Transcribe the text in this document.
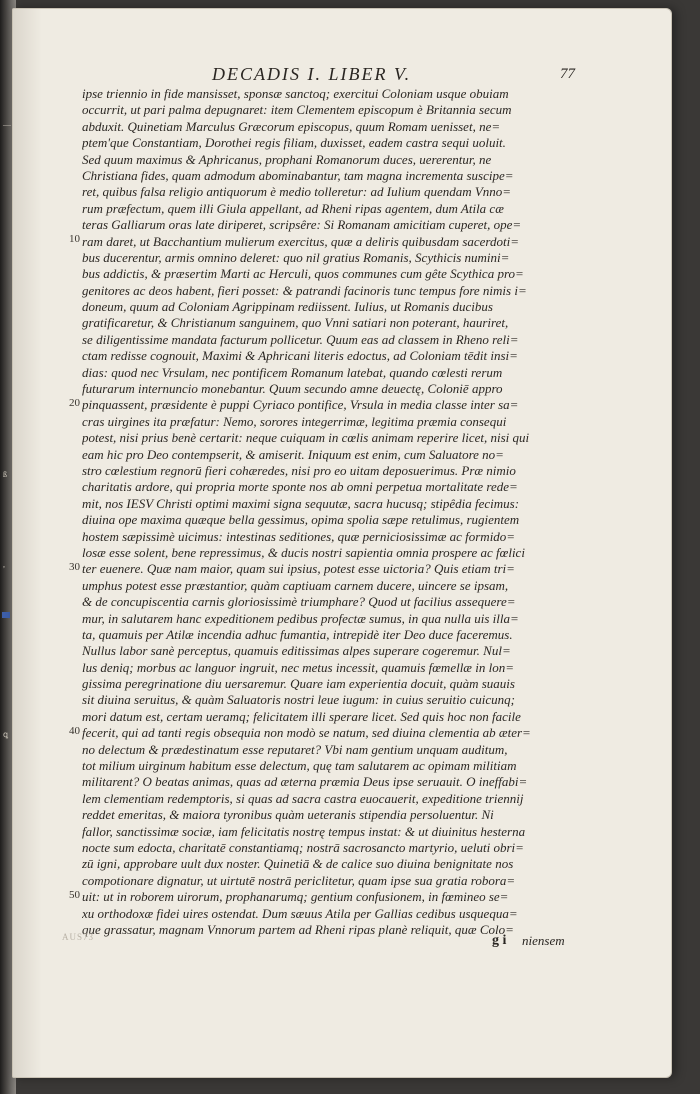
—
ß
,
ꝗ
DECADIS I. LIBER V.	77
10
20
30
40
50
ipse triennio in fide mansisset, sponsæ sanctoq; exercitui Coloniam usque obuiam
occurrit, ut pari palma depugnaret: item Clementem episcopum è Britannia secum
abduxit. Quinetiam Marculus Græcorum episcopus, quum Romam uenisset, ne=
ptem'que Constantiam, Dorothei regis filiam, duxisset, eadem castra sequi uoluit.
Sed quum maximus & Aphricanus, prophani Romanorum duces, uererentur, ne
Christiana fides, quam admodum abominabantur, tam magna incrementa suscipe=
ret, quibus falsa religio antiquorum è medio tolleretur: ad Iulium quendam Vnno=
rum præfectum, quem illi Giula appellant, ad Rheni ripas agentem, dum Atila cæ
teras Galliarum oras late diriperet, scripsêre: Si Romanam amicitiam cuperet, ope=
ram daret, ut Bacchantium mulierum exercitus, quæ a deliris quibusdam sacerdoti=
bus ducerentur, armis omnino deleret: quo nil gratius Romanis, Scythicis numini=
bus addictis, & præsertim Marti ac Herculi, quos communes cum gête Scythica pro=
genitores ac deos habent, fieri posset: & patrandi facinoris tunc tempus fore nimis i=
doneum, quum ad Coloniam Agrippinam rediissent. Iulius, ut Romanis ducibus
gratificaretur, & Christianum sanguinem, quo Vnni satiari non poterant, hauriret,
se diligentissime mandata facturum pollicetur. Quum eas ad classem in Rheno reli=
ctam redisse cognouit, Maximi & Aphricani literis edoctus, ad Coloniam tēdit insi=
dias: quod nec Vrsulam, nec pontificem Romanum latebat, quando cœlesti rerum
futurarum internuncio monebantur. Quum secundo amne deuectę, Coloniē appro
pinquassent, præsidente è puppi Cyriaco pontifice, Vrsula in media classe inter sa=
cras uirgines ita præfatur: Nemo, sorores integerrimæ, legitima præmia consequi
potest, nisi prius benè certarit: neque cuiquam in cœlis animam reperire licet, nisi qui
eam hic pro Deo contempserit, & amiserit. Iniquum est enim, cum Saluatore no=
stro cœlestium regnorū fieri cohæredes, nisi pro eo uitam deposuerimus. Præ nimio
charitatis ardore, qui propria morte sponte nos ab omni perpetua mortalitate rede=
mit, nos IESV Christi optimi maximi signa sequutæ, sacra hucusq; stipêdia fecimus:
diuina ope maxima quæque bella gessimus, opima spolia sæpe retulimus, rugientem
hostem sæpissimè uicimus: intestinas seditiones, quæ perniciosissimæ ac formido=
losæ esse solent, bene repressimus, & ducis nostri sapientia omnia prospere ac fœlici
ter euenere. Quæ nam maior, quam sui ipsius, potest esse uictoria? Quis etiam tri=
umphus potest esse præstantior, quàm captiuam carnem ducere, uincere se ipsam,
& de concupiscentia carnis gloriosissimè triumphare? Quod ut facilius assequere=
mur, in salutarem hanc expeditionem pedibus profectæ sumus, in qua nulla uis illa=
ta, quamuis per Atilæ incendia adhuc fumantia, intrepidè iter Deo duce faceremus.
Nullus labor sanè perceptus, quamuis editissimas alpes superare cogeremur. Nul=
lus deniq; morbus ac languor ingruit, nec metus incessit, quamuis fœmellæ in lon=
gissima peregrinatione diu uersaremur. Quare iam experientia docuit, quàm suauis
sit diuina seruitus, & quàm Saluatoris nostri leue iugum: in cuius seruitio cuicunq;
mori datum est, certam ueramq; felicitatem illi sperare licet. Sed quis hoc non facile
fecerit, qui ad tanti regis obsequia non modò se natum, sed diuina clementia ab æter=
no delectum & prædestinatum esse reputaret? Vbi nam gentium unquam auditum,
tot milium uirginum habitum esse delectum, quę tam salutarem ac opimam militiam
militarent? O beatas animas, quas ad æterna præmia Deus ipse seruauit. O ineffabi=
lem clementiam redemptoris, si quas ad sacra castra euocauerit, expeditione triennij
reddet emeritas, & maiora tyronibus quàm ueteranis stipendia persoluentur. Ni
fallor, sanctissimæ sociæ, iam felicitatis nostrę tempus instat: & ut diuinitus hesterna
nocte sum edocta, charitatē constantiamq; nostrā sacrosancto martyrio, ueluti obri=
zū igni, approbare uult dux noster. Quinetiā & de calice suo diuina benignitate nos
compotionare dignatur, ut uirtutē nostrā periclitetur, quam ipse sua gratia robora=
uit: ut in roborem uirorum, prophanarumq; gentium confusionem, in fœmineo se=
xu orthodoxæ fidei uires ostendat. Dum sæuus Atila per Gallias cedibus usquequa=
que grassatur, magnam Vnnorum partem ad Rheni ripas planè reliquit, quæ Colo=
AUS73	g i niensem
